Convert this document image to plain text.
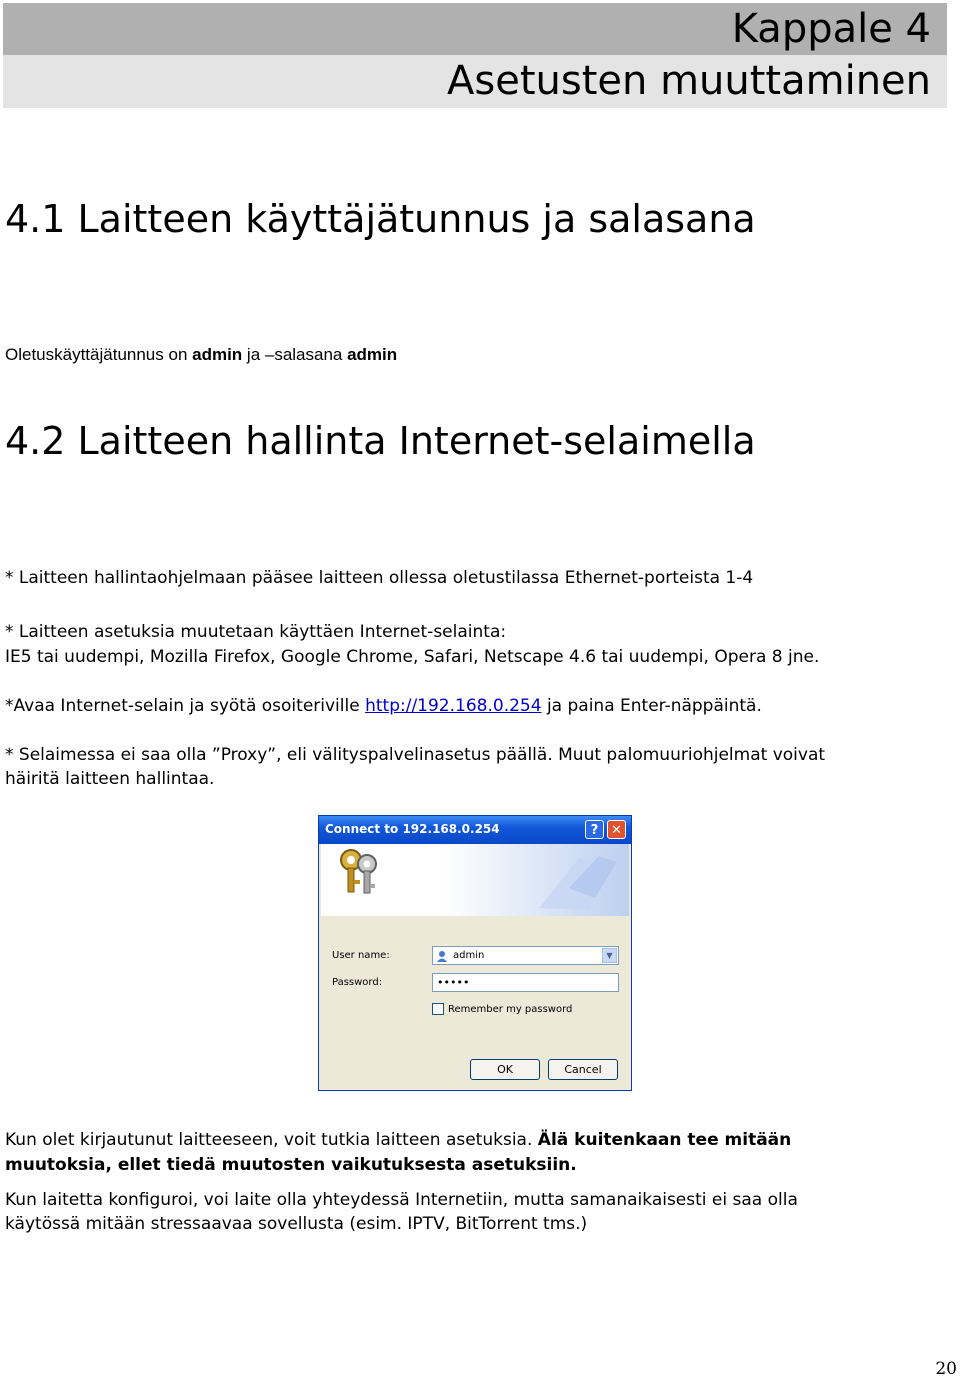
Kappale 4
Asetusten muuttaminen
4.1 Laitteen käyttäjätunnus ja salasana

Oletuskäyttäjätunnus on admin ja –salasana admin

4.2 Laitteen hallinta Internet-selaimella

* Laitteen hallintaohjelmaan pääsee laitteen ollessa oletustilassa Ethernet-porteista 1-4

* Laitteen asetuksia muutetaan käyttäen Internet-selainta:

IE5 tai uudempi, Mozilla Firefox, Google Chrome, Safari, Netscape 4.6 tai uudempi, Opera 8 jne.

*Avaa Internet-selain ja syötä osoiteriville http://192.168.0.254 ja paina Enter-näppäintä.

* Selaimessa ei saa olla ”Proxy”, eli välityspalvelinasetus päällä. Muut palomuuriohjelmat voivat

häiritä laitteen hallintaa.

Connect to 192.168.0.254	? ✕
User name:	admin	▼
Password:	•••••
Remember my password
OK	Cancel

Kun olet kirjautunut laitteeseen, voit tutkia laitteen asetuksia. Älä kuitenkaan tee mitään

muutoksia, ellet tiedä muutosten vaikutuksesta asetuksiin.

Kun laitetta konfiguroi, voi laite olla yhteydessä Internetiin, mutta samanaikaisesti ei saa olla

käytössä mitään stressaavaa sovellusta (esim. IPTV, BitTorrent tms.)

20
